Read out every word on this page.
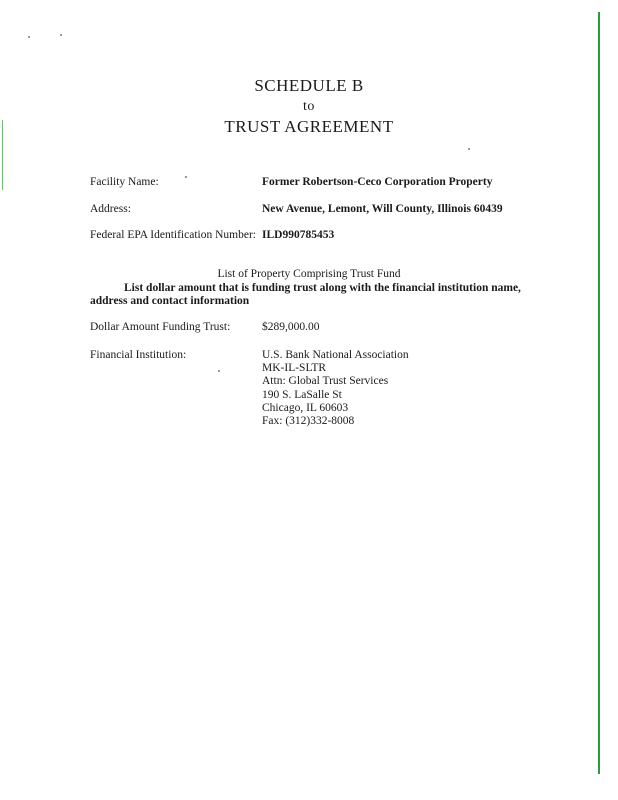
SCHEDULE B
to
TRUST AGREEMENT
Facility Name:	Former Robertson-Ceco Corporation Property
Address:	New Avenue, Lemont, Will County, Illinois 60439
Federal EPA Identification Number: ILD990785453
List of Property Comprising Trust Fund
List dollar amount that is funding trust along with the financial institution name, address and contact information
Dollar Amount Funding Trust:	$289,000.00
Financial Institution:	U.S. Bank National Association
MK-IL-SLTR
Attn: Global Trust Services
190 S. LaSalle St
Chicago, IL 60603
Fax: (312)332-8008
